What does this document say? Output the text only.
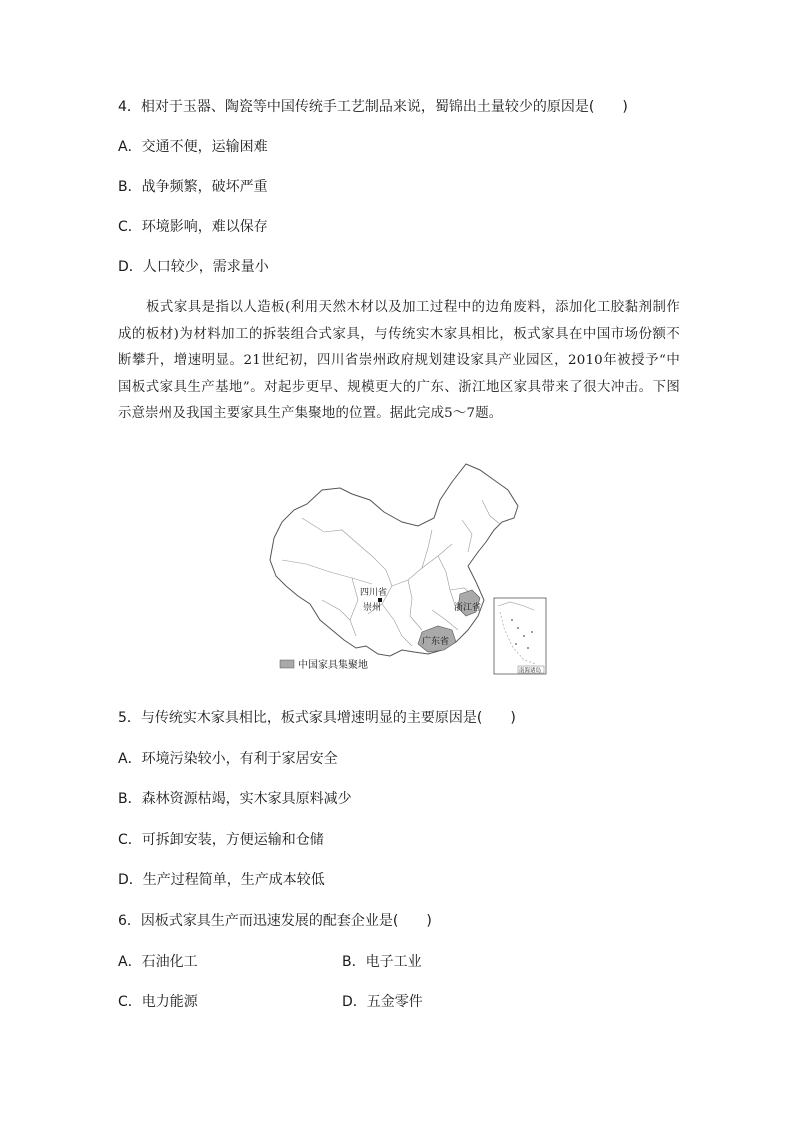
4．相对于玉器、陶瓷等中国传统手工艺制品来说，蜀锦出土量较少的原因是(　　)
A．交通不便，运输困难
B．战争频繁，破坏严重
C．环境影响，难以保存
D．人口较少，需求量小
板式家具是指以人造板(利用天然木材以及加工过程中的边角废料，添加化工胶黏剂制作成的板材)为材料加工的拆装组合式家具，与传统实木家具相比，板式家具在中国市场份额不断攀升，增速明显。21世纪初，四川省崇州政府规划建设家具产业园区，2010年被授予“中国板式家具生产基地”。对起步更早、规模更大的广东、浙江地区家具带来了很大冲击。下图示意崇州及我国主要家具生产集聚地的位置。据此完成5～7题。
四川省
崇州	浙江省
广东省
南海诸岛
中国家具集聚地
5．与传统实木家具相比，板式家具增速明显的主要原因是(　　)
A．环境污染较小，有利于家居安全
B．森林资源枯竭，实木家具原料减少
C．可拆卸安装，方便运输和仓储
D．生产过程简单，生产成本较低
6．因板式家具生产而迅速发展的配套企业是(　　)
A．石油化工	B．电子工业
C．电力能源	D．五金零件
